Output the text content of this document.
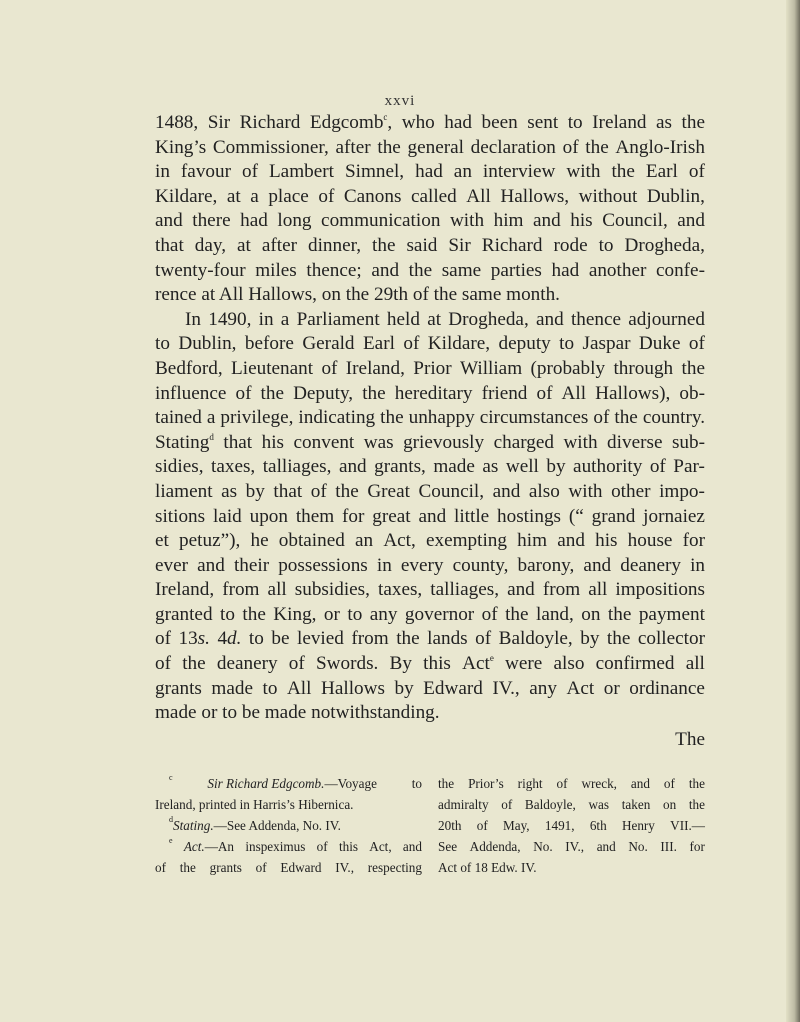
xxvi
1488, Sir Richard Edgcomb$^c$, who had been sent to Ireland as the
King’s Commissioner, after the general declaration of the Anglo-Irish
in favour of Lambert Simnel, had an interview with the Earl of
Kildare, at a place of Canons called All Hallows, without Dublin,
and there had long communication with him and his Council, and
that day, at after dinner, the said Sir Richard rode to Drogheda,
twenty-four miles thence; and the same parties had another confe-
rence at All Hallows, on the 29th of the same month.
In 1490, in a Parliament held at Drogheda, and thence adjourned
to Dublin, before Gerald Earl of Kildare, deputy to Jaspar Duke of
Bedford, Lieutenant of Ireland, Prior William (probably through the
influence of the Deputy, the hereditary friend of All Hallows), ob-
tained a privilege, indicating the unhappy circumstances of the country.
Stating$^d$ that his convent was grievously charged with diverse sub-
sidies, taxes, talliages, and grants, made as well by authority of Par-
liament as by that of the Great Council, and also with other impo-
sitions laid upon them for great and little hostings (“ grand jornaiez
et petuz”), he obtained an Act, exempting him and his house for
ever and their possessions in every county, barony, and deanery in
Ireland, from all subsidies, taxes, talliages, and from all impositions
granted to the King, or to any governor of the land, on the payment
of 13s. 4d. to be levied from the lands of Baldoyle, by the collector
of the deanery of Swords. By this Act$^e$ were also confirmed all
grants made to All Hallows by Edward IV., any Act or ordinance
made or to be made notwithstanding.
The
$^c$	Sir Richard Edgcomb.—Voyage	to
Ireland, printed in Harris’s Hibernica.
$^d$ Stating. —See Addenda, No. IV.
$^e$ Act.—An inspeximus of this Act, and
of the grants of Edward IV., respecting
the Prior’s right of wreck, and of the
admiralty of Baldoyle, was taken on the
20th of May, 1491, 6th Henry VII.—
See Addenda, No. IV., and No. III. for
Act of 18 Edw. IV.
